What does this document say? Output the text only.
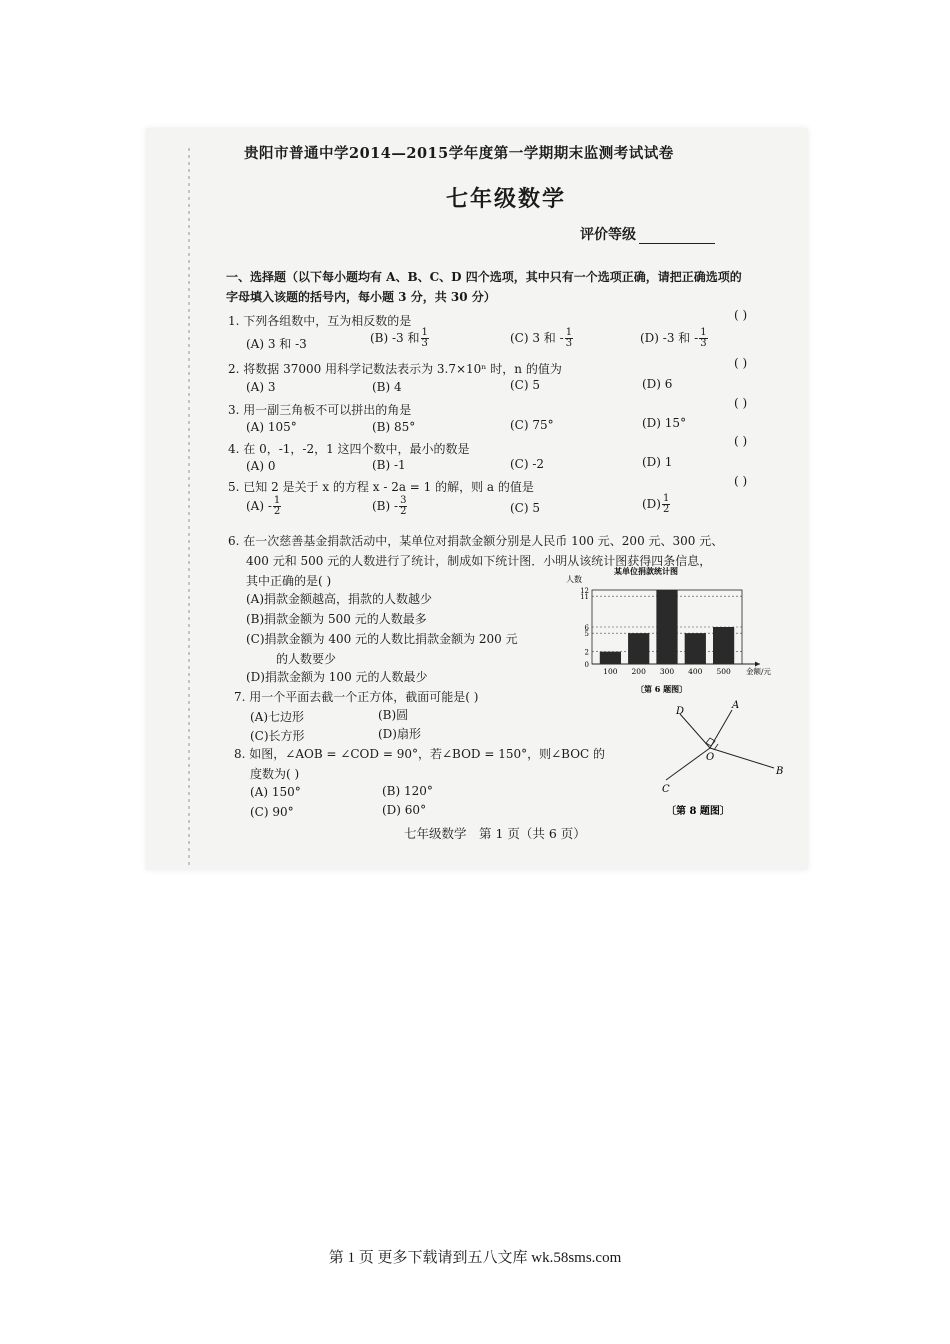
贵阳市普通中学2014—2015学年度第一学期期末监测考试试卷
七年级数学
评价等级
一、选择题（以下每小题均有 A、B、C、D 四个选项，其中只有一个选项正确，请把正确选项的
字母填入该题的括号内，每小题 3 分，共 30 分）
1. 下列各组数中，互为相反数的是	( )
(A) 3 和 -3	(B) -3 和 $\frac{1}{3}$	(C) 3 和 - $\frac{1}{3}$	(D) -3 和 - $\frac{1}{3}$
2. 将数据 37000 用科学记数法表示为 3.7×10ⁿ 时，n 的值为	( )
(A) 3	(B) 4	(C) 5	(D) 6
3. 用一副三角板不可以拼出的角是	( )
(A) 105°	(B) 85°	(C) 75°	(D) 15°
4. 在 0，-1，-2，1 这四个数中，最小的数是
( )
(A) 0	(B) -1	(C) -2	(D) 1
5. 已知 2 是关于 x 的方程 x - 2a = 1 的解，则 a 的值是	( )
$(A) - \frac{1}{2}$	$(B) - \frac{3}{2}$	(C) 5	$(D) \frac{1}{2}$
6. 在一次慈善基金捐款活动中，某单位对捐款金额分别是人民币 100 元、200 元、300 元、
400 元和 500 元的人数进行了统计，制成如下统计图．小明从该统计图获得四条信息，
其中正确的是( )
(A)捐款金额越高，捐款的人数越少
(B)捐款金额为 500 元的人数最多
(C)捐款金额为 400 元的人数比捐款金额为 200 元
的人数要少
(D)捐款金额为 100 元的人数最少
某单位捐款统计图
人数
0
2
5
6
11
12
100 200 300 400 500 金额/元
〔第 6 题图〕
7. 用一个平面去截一个正方体，截面可能是( )
(A)七边形	(B)圆
(C)长方形	(D)扇形
8. 如图，∠AOB = ∠COD = 90°，若∠BOD = 150°，则∠BOC 的
度数为( )
(A) 150°	(B) 120°
(C) 90°	(D) 60°
D
A
O
B
C
〔第 8 题图〕
七年级数学　第 1 页（共 6 页）
第 1 页 更多下载请到五八文库 wk.58sms.com
